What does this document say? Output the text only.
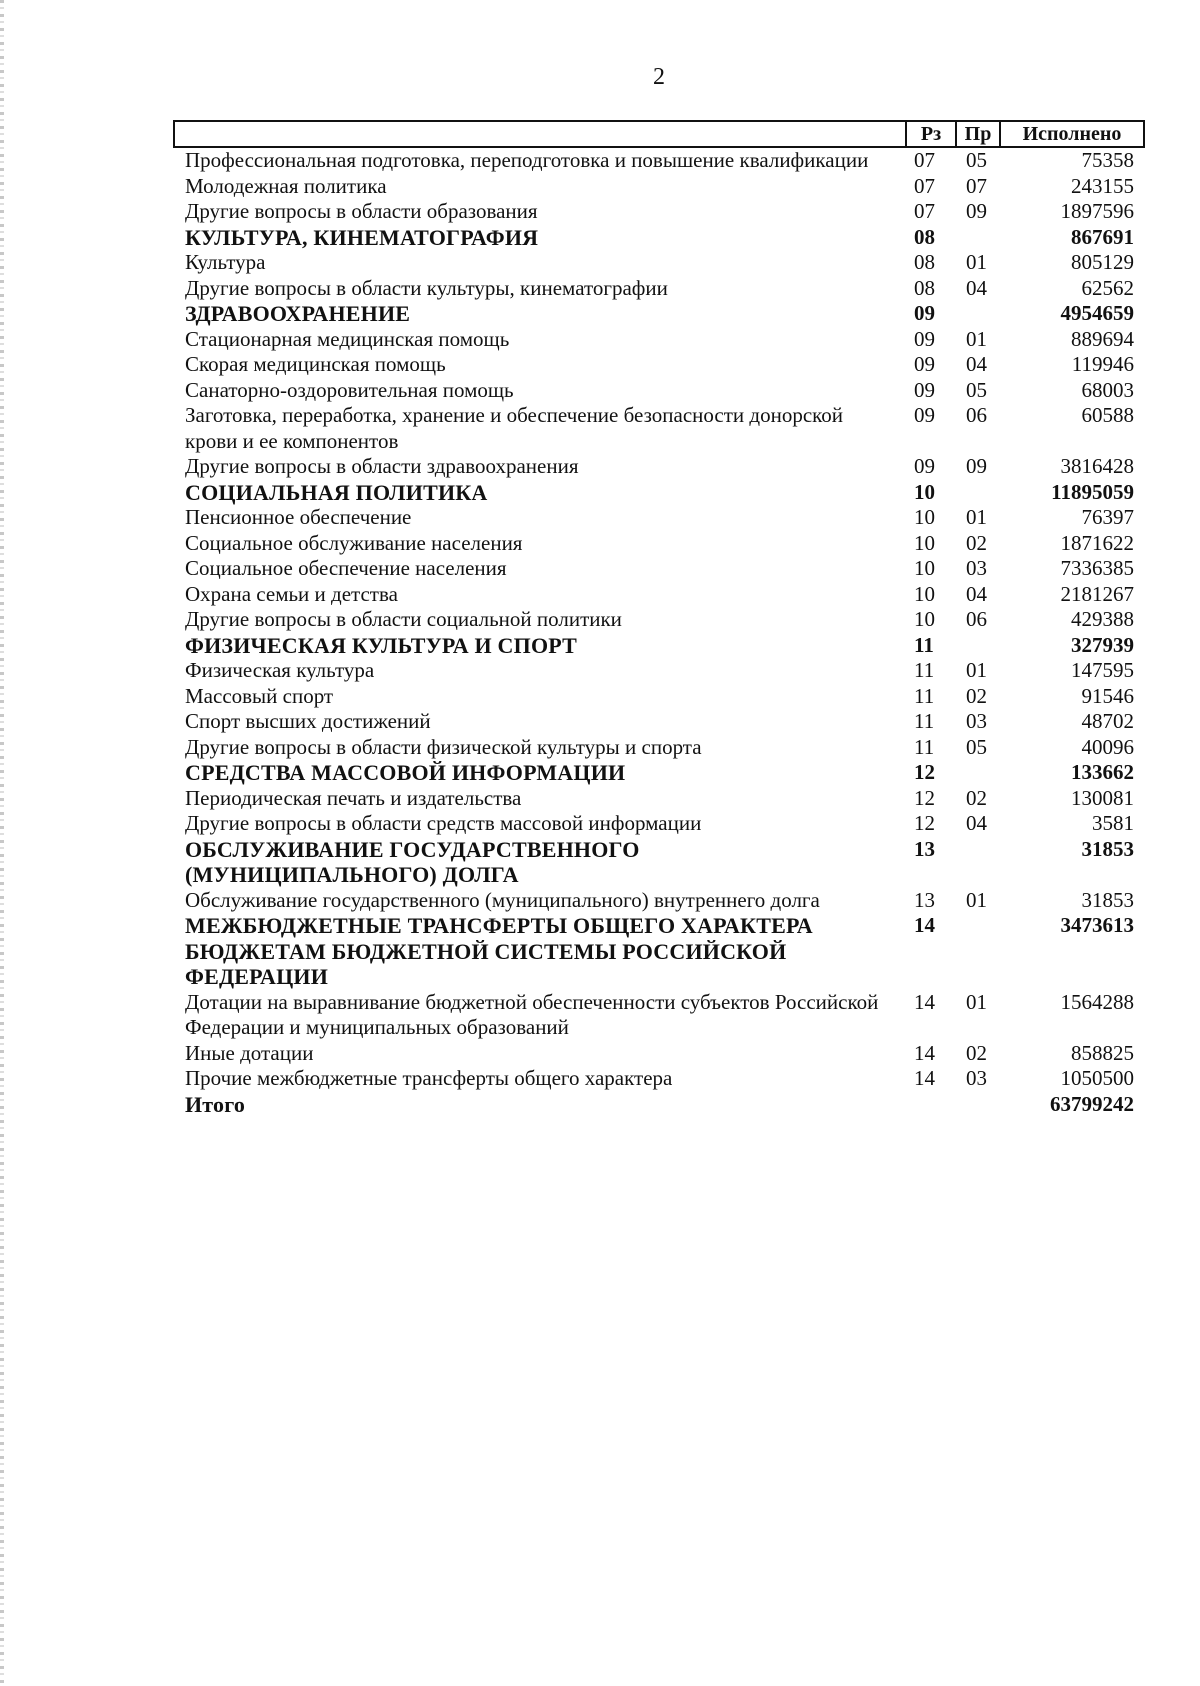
2
	Рз	Пр	Исполнено
Профессиональная подготовка, переподготовка и повышение квалификации	07	05	75358
Молодежная политика	07	07	243155
Другие вопросы в области образования	07	09	1897596
КУЛЬТУРА, КИНЕМАТОГРАФИЯ	08		867691
Культура	08	01	805129
Другие вопросы в области культуры, кинематографии	08	04	62562
ЗДРАВООХРАНЕНИЕ	09		4954659
Стационарная медицинская помощь	09	01	889694
Скорая медицинская помощь	09	04	119946
Санаторно-оздоровительная помощь	09	05	68003
Заготовка, переработка, хранение и обеспечение безопасности донорской крови и ее компонентов	09	06	60588
Другие вопросы в области здравоохранения	09	09	3816428
СОЦИАЛЬНАЯ ПОЛИТИКА	10		11895059
Пенсионное обеспечение	10	01	76397
Социальное обслуживание населения	10	02	1871622
Социальное обеспечение населения	10	03	7336385
Охрана семьи и детства	10	04	2181267
Другие вопросы в области социальной политики	10	06	429388
ФИЗИЧЕСКАЯ КУЛЬТУРА И СПОРТ	11		327939
Физическая культура	11	01	147595
Массовый спорт	11	02	91546
Спорт высших достижений	11	03	48702
Другие вопросы в области физической культуры и спорта	11	05	40096
СРЕДСТВА МАССОВОЙ ИНФОРМАЦИИ	12		133662
Периодическая печать и издательства	12	02	130081
Другие вопросы в области средств массовой информации	12	04	3581
ОБСЛУЖИВАНИЕ ГОСУДАРСТВЕННОГО (МУНИЦИПАЛЬНОГО) ДОЛГА	13		31853
Обслуживание государственного (муниципального) внутреннего долга	13	01	31853
МЕЖБЮДЖЕТНЫЕ ТРАНСФЕРТЫ ОБЩЕГО ХАРАКТЕРА БЮДЖЕТАМ БЮДЖЕТНОЙ СИСТЕМЫ РОССИЙСКОЙ ФЕДЕРАЦИИ	14		3473613
Дотации на выравнивание бюджетной обеспеченности субъектов Российской Федерации и муниципальных образований	14	01	1564288
Иные дотации	14	02	858825
Прочие межбюджетные трансферты общего характера	14	03	1050500
Итого			63799242
